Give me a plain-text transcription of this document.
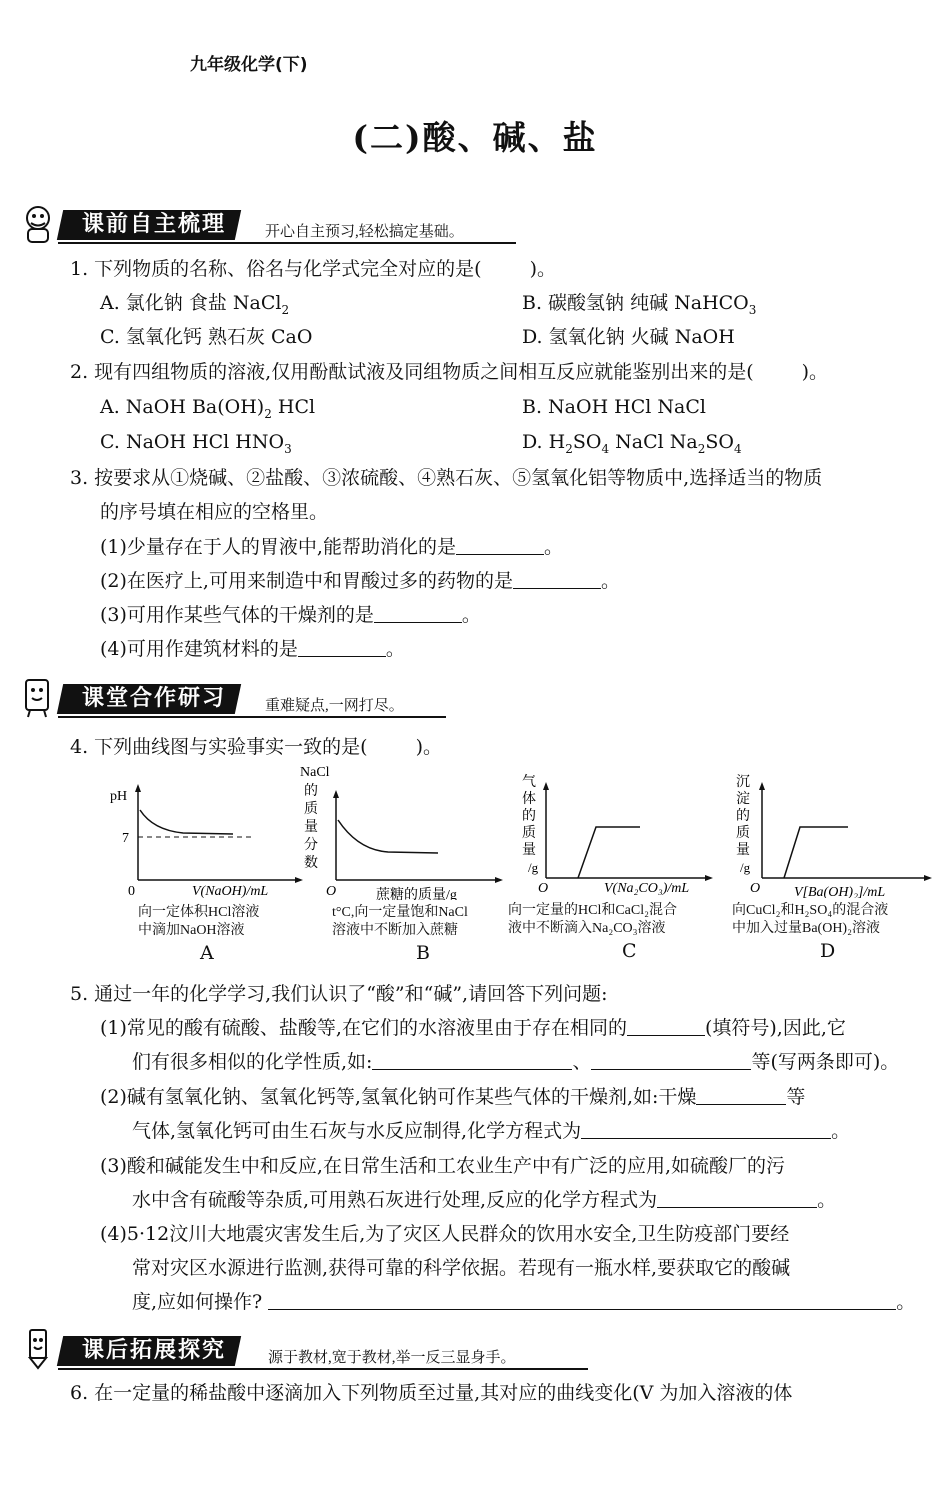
九年级化学(下)
(二)酸、碱、盐
课前自主梳理	开心自主预习,轻松搞定基础。
1. 下列物质的名称、俗名与化学式完全对应的是(	)。
A. 氯化钠 食盐 NaCl$_2$	B. 碳酸氢钠 纯碱 NaHCO$_3$
C. 氢氧化钙 熟石灰 CaO	D. 氢氧化钠 火碱 NaOH
2. 现有四组物质的溶液,仅用酚酞试液及同组物质之间相互反应就能鉴别出来的是(	)。
A. NaOH $Ba(OH)_2$ HCl	B. NaOH HCl NaCl
C. NaOH HCl $HNO_3$	D. $H_2SO_4$ NaCl $Na_2SO_4$
3. 按要求从①烧碱、②盐酸、③浓硫酸、④熟石灰、⑤氢氧化铝等物质中,选择适当的物质
的序号填在相应的空格里。
(1)少量存在于人的胃液中,能帮助消化的是	。
(2)在医疗上,可用来制造中和胃酸过多的药物的是	。
(3)可用作某些气体的干燥剂的是	。
(4)可用作建筑材料的是	。
课堂合作研习	重难疑点,一网打尽。
4. 下列曲线图与实验事实一致的是(	)。
pH
7
0	V(NaOH)/mL
向一定体积HCl溶液
中滴加NaOH溶液
A
NaCl
的
质
量
分
数
O	蔗糖的质量/g
t°C,向一定量饱和NaCl
溶液中不断加入蔗糖
B
气
体
的
质
量
/g
O	V(Na₂CO₃)/mL
向一定量的HCl和CaCl₂混合
液中不断滴入Na₂CO₃溶液
C
沉
淀
的
质
量
/g
O V[Ba(OH)₂]/mL
向CuCl₂和H₂SO₄的混合液
中加入过量Ba(OH)₂溶液
D
5. 通过一年的化学学习,我们认识了“酸”和“碱”,请回答下列问题:
(1)常见的酸有硫酸、盐酸等,在它们的水溶液里由于存在相同的	(填符号),因此,它
们有很多相似的化学性质,如:	、	等(写两条即可)。
(2)碱有氢氧化钠、氢氧化钙等,氢氧化钠可作某些气体的干燥剂,如:干燥	等
气体,氢氧化钙可由生石灰与水反应制得,化学方程式为	。
(3)酸和碱能发生中和反应,在日常生活和工农业生产中有广泛的应用,如硫酸厂的污
水中含有硫酸等杂质,可用熟石灰进行处理,反应的化学方程式为	。
(4)5·12汶川大地震灾害发生后,为了灾区人民群众的饮用水安全,卫生防疫部门要经
常对灾区水源进行监测,获得可靠的科学依据。若现有一瓶水样,要获取它的酸碱
度,应如何操作?	。
课后拓展探究	源于教材,宽于教材,举一反三显身手。
6. 在一定量的稀盐酸中逐滴加入下列物质至过量,其对应的曲线变化(V 为加入溶液的体
